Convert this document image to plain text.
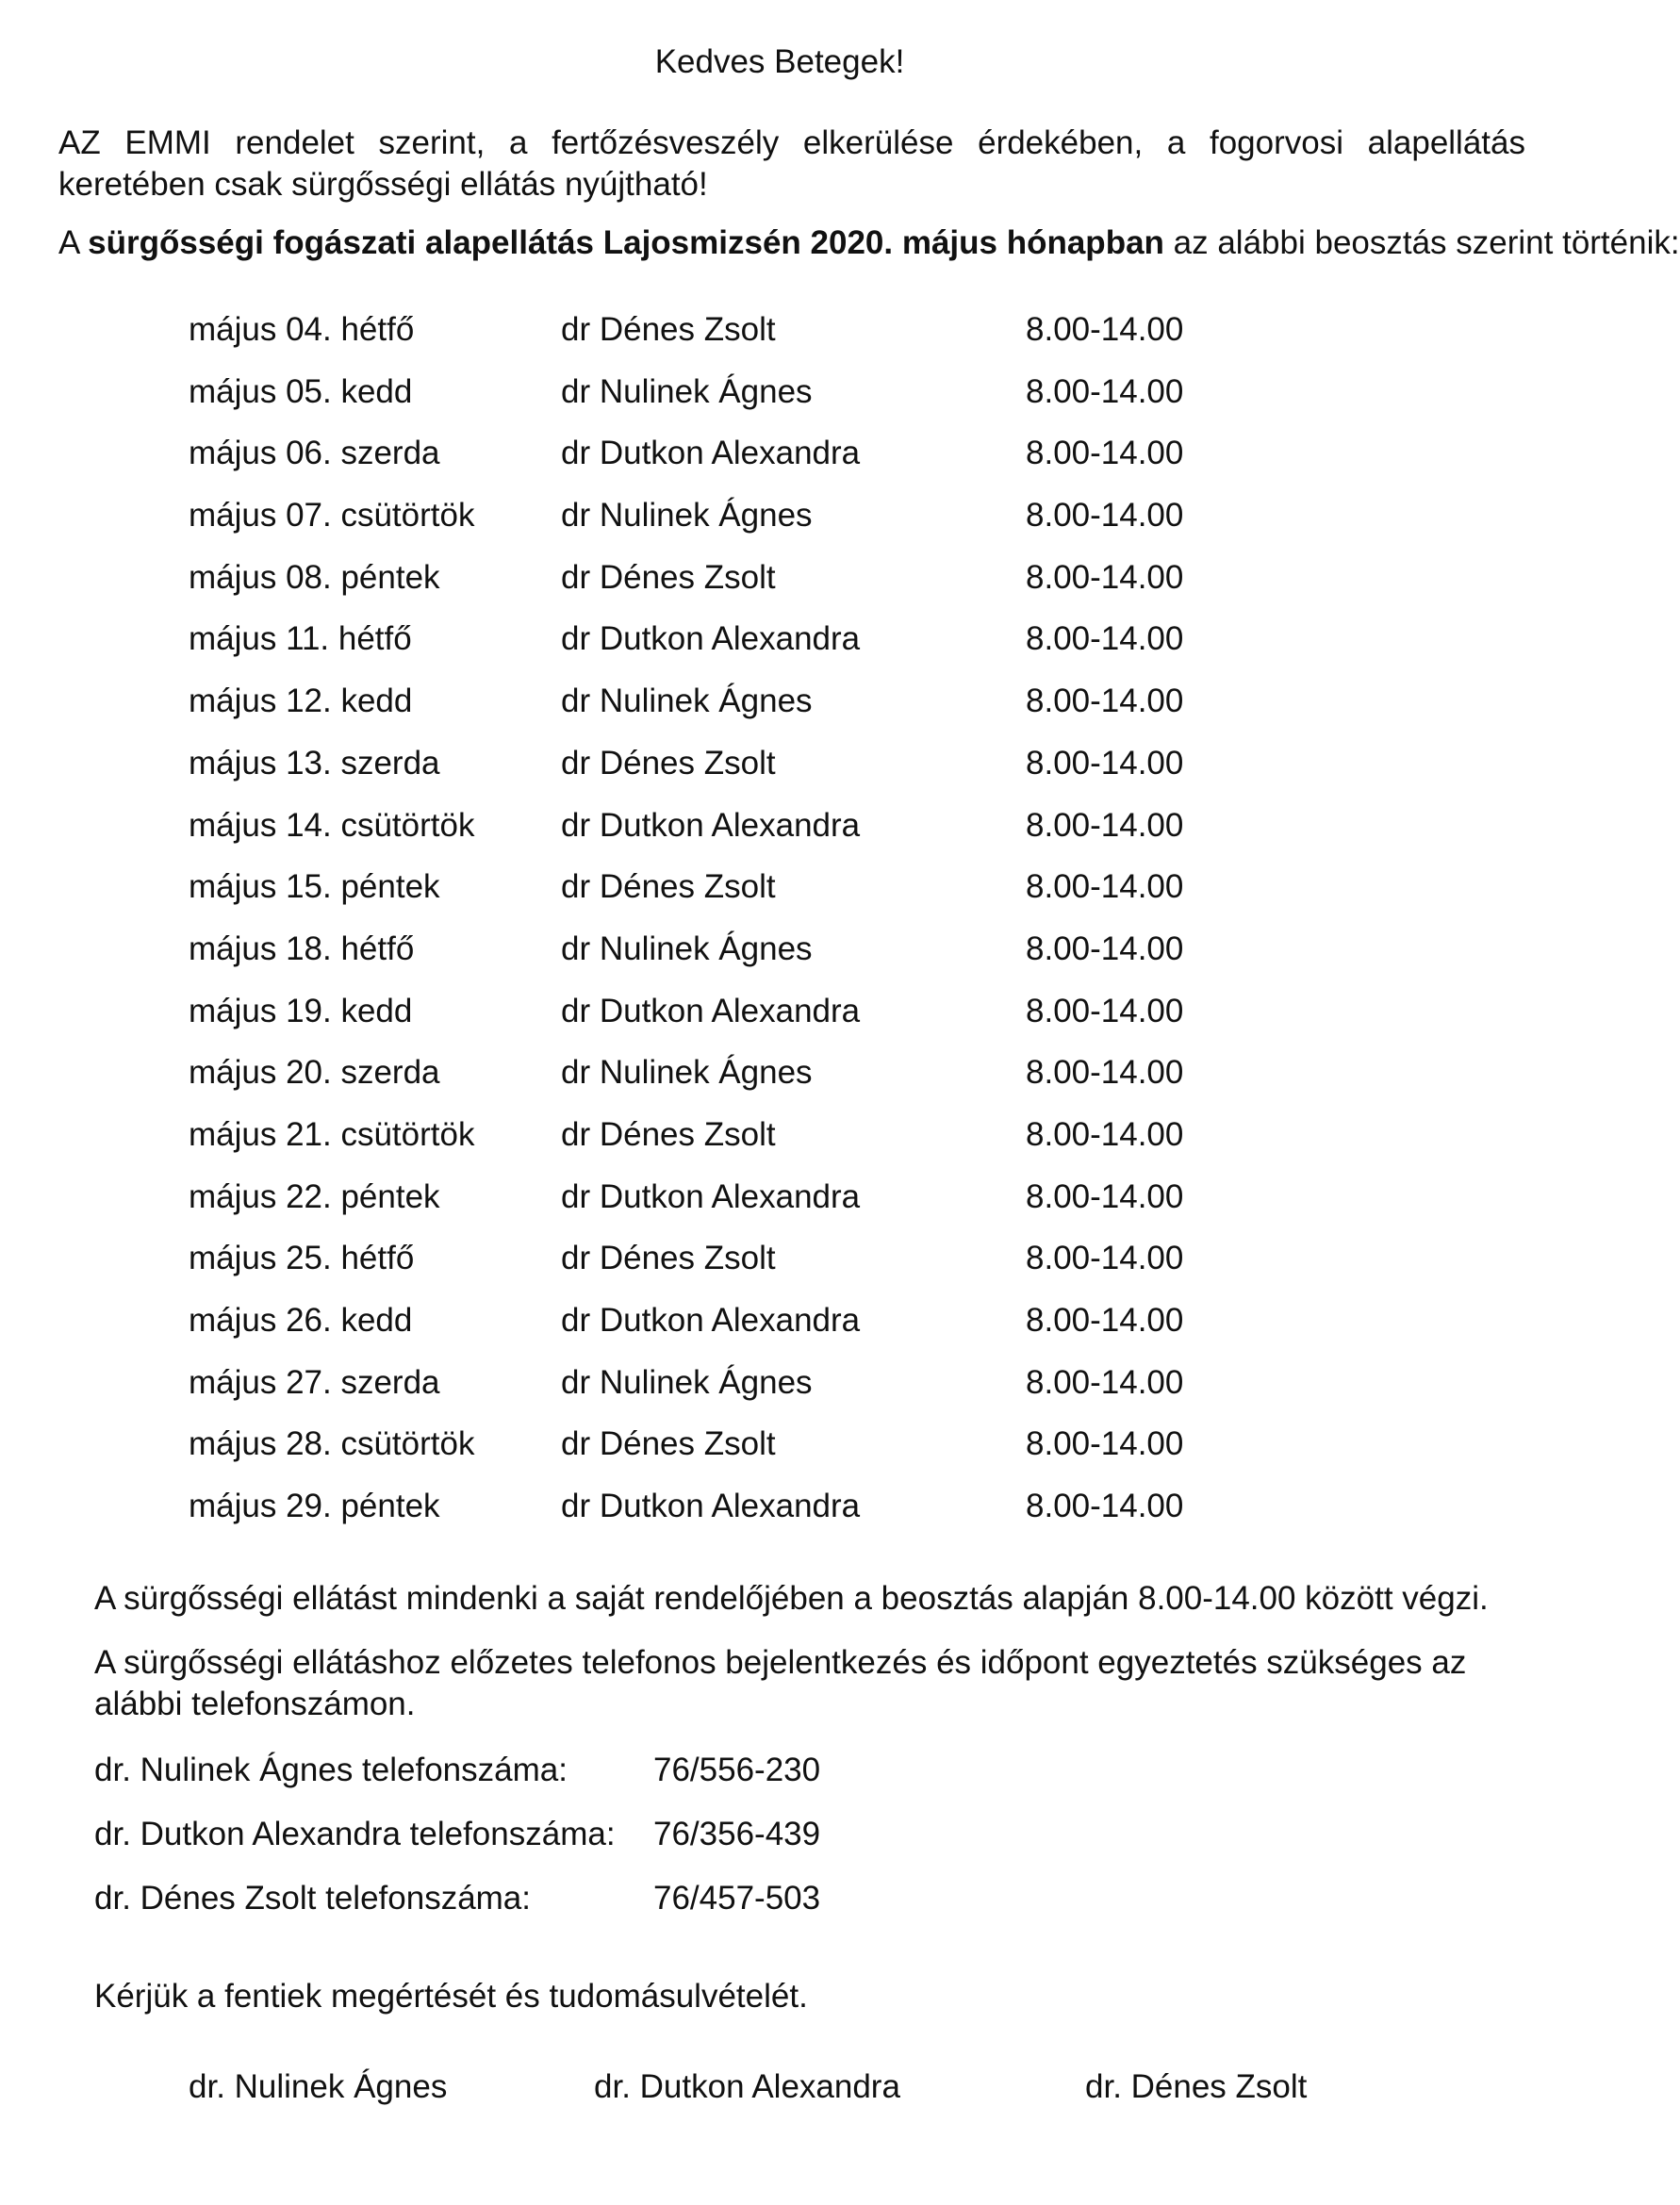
Kedves Betegek!

AZ EMMI rendelet szerint, a fertőzésveszély elkerülése érdekében, a fogorvosi alapellátás keretében csak sürgősségi ellátás nyújtható!

A sürgősségi fogászati alapellátás Lajosmizsén 2020. május hónapban az alábbi beosztás szerint történik:

május 04. hétfő	dr Dénes Zsolt	8.00-14.00
május 05. kedd	dr Nulinek Ágnes	8.00-14.00
május 06. szerda	dr Dutkon Alexandra	8.00-14.00
május 07. csütörtök	dr Nulinek Ágnes	8.00-14.00
május 08. péntek	dr Dénes Zsolt	8.00-14.00
május 11. hétfő	dr Dutkon Alexandra	8.00-14.00
május 12. kedd	dr Nulinek Ágnes	8.00-14.00
május 13. szerda	dr Dénes Zsolt	8.00-14.00
május 14. csütörtök	dr Dutkon Alexandra	8.00-14.00
május 15. péntek	dr Dénes Zsolt	8.00-14.00
május 18. hétfő	dr Nulinek Ágnes	8.00-14.00
május 19. kedd	dr Dutkon Alexandra	8.00-14.00
május 20. szerda	dr Nulinek Ágnes	8.00-14.00
május 21. csütörtök	dr Dénes Zsolt	8.00-14.00
május 22. péntek	dr Dutkon Alexandra	8.00-14.00
május 25. hétfő	dr Dénes Zsolt	8.00-14.00
május 26. kedd	dr Dutkon Alexandra	8.00-14.00
május 27. szerda	dr Nulinek Ágnes	8.00-14.00
május 28. csütörtök	dr Dénes Zsolt	8.00-14.00
május 29. péntek	dr Dutkon Alexandra	8.00-14.00

A sürgősségi ellátást mindenki a saját rendelőjében a beosztás alapján 8.00-14.00 között végzi.

A sürgősségi ellátáshoz előzetes telefonos bejelentkezés és időpont egyeztetés szükséges az alábbi telefonszámon.

dr. Nulinek Ágnes telefonszáma:	76/556-230
dr. Dutkon Alexandra telefonszáma: 76/356-439
dr. Dénes Zsolt telefonszáma:	76/457-503

Kérjük a fentiek megértését és tudomásulvételét.

dr. Nulinek Ágnes	dr. Dutkon Alexandra	dr. Dénes Zsolt
